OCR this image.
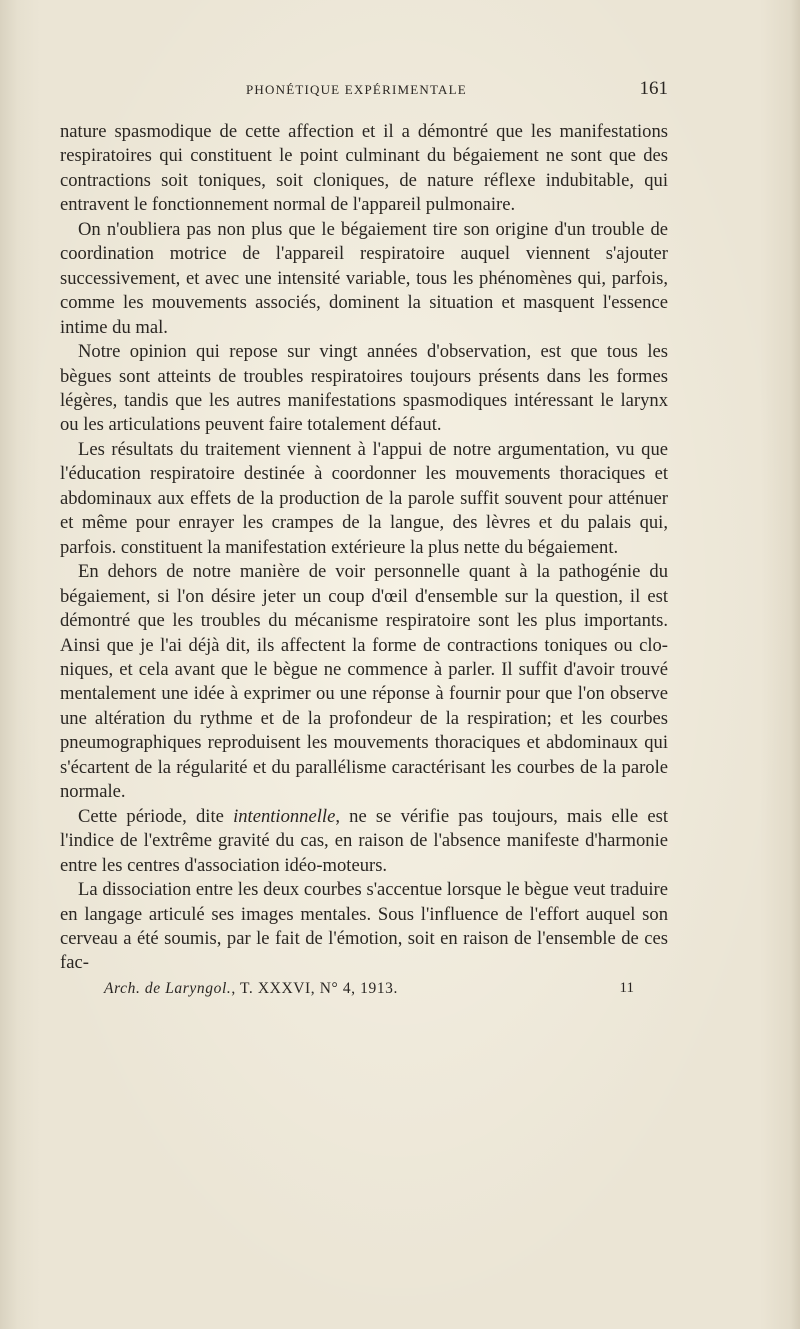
PHONÉTIQUE EXPÉRIMENTALE	161

nature spasmodique de cette affection et il a démontré que les manifestations respiratoires qui constituent le point culminant du bégaiement ne sont que des contractions soit toniques, soit cloniques, de nature réflexe indubitable, qui entravent le fonctionnement normal de l'appareil pulmonaire.

On n'oubliera pas non plus que le bégaiement tire son origine d'un trouble de coordination motrice de l'appareil respiratoire auquel viennent s'ajouter successivement, et avec une intensité variable, tous les phénomènes qui, parfois, comme les mouvements associés, dominent la situation et masquent l'essence intime du mal.

Notre opinion qui repose sur vingt années d'observation, est que tous les bègues sont atteints de troubles respiratoires toujours présents dans les formes légères, tandis que les autres manifestations spasmodiques intéressant le larynx ou les articulations peuvent faire totalement défaut.

Les résultats du traitement viennent à l'appui de notre argumentation, vu que l'éducation respiratoire destinée à coordonner les mouvements thoraciques et abdominaux aux effets de la production de la parole suffit souvent pour atténuer et même pour enrayer les crampes de la langue, des lèvres et du palais qui, parfois. constituent la manifestation extérieure la plus nette du bégaiement.

En dehors de notre manière de voir personnelle quant à la pathogénie du bégaiement, si l'on désire jeter un coup d'œil d'ensemble sur la question, il est démontré que les troubles du mécanisme respiratoire sont les plus importants. Ainsi que je l'ai déjà dit, ils affectent la forme de contractions toniques ou cloniques, et cela avant que le bègue ne commence à parler. Il suffit d'avoir trouvé mentalement une idée à exprimer ou une réponse à fournir pour que l'on observe une altération du rythme et de la profondeur de la respiration; et les courbes pneumographiques reproduisent les mouvements thoraciques et abdominaux qui s'écartent de la régularité et du parallélisme caractérisant les courbes de la parole normale.

Cette période, dite intentionnelle, ne se vérifie pas toujours, mais elle est l'indice de l'extrême gravité du cas, en raison de l'absence manifeste d'harmonie entre les centres d'association idéo-moteurs.

La dissociation entre les deux courbes s'accentue lorsque le bègue veut traduire en langage articulé ses images mentales. Sous l'influence de l'effort auquel son cerveau a été soumis, par le fait de l'émotion, soit en raison de l'ensemble de ces fac-

Arch. de Laryngol., T. XXXVI, N° 4, 1913.	11
